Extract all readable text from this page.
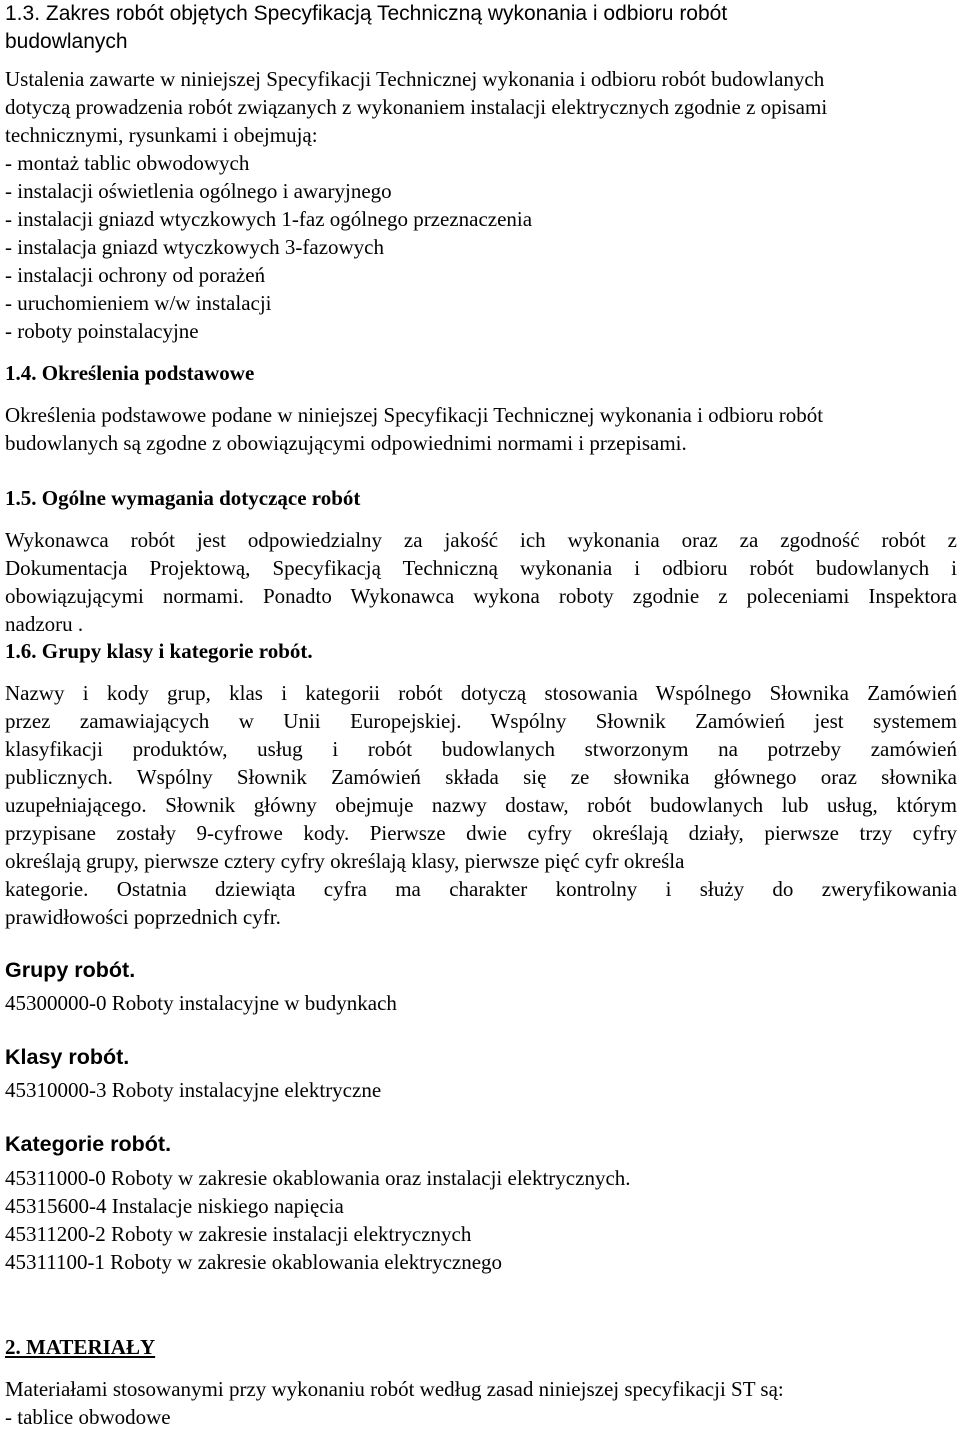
1.3. Zakres robót objętych Specyfikacją Techniczną wykonania i odbioru robót
budowlanych
Ustalenia zawarte w niniejszej Specyfikacji Technicznej wykonania i odbioru robót budowlanych
dotyczą prowadzenia robót związanych z wykonaniem instalacji elektrycznych zgodnie z opisami
technicznymi, rysunkami i obejmują:
- montaż tablic obwodowych
- instalacji oświetlenia ogólnego i awaryjnego
- instalacji gniazd wtyczkowych 1-faz ogólnego przeznaczenia
- instalacja gniazd wtyczkowych 3-fazowych
- instalacji ochrony od porażeń
- uruchomieniem w/w instalacji
- roboty poinstalacyjne
1.4. Określenia podstawowe
Określenia podstawowe podane w niniejszej Specyfikacji Technicznej wykonania i odbioru robót
budowlanych są zgodne z obowiązującymi odpowiednimi normami i przepisami.
1.5. Ogólne wymagania dotyczące robót
Wykonawca robót jest odpowiedzialny za jakość ich wykonania oraz za zgodność robót z
Dokumentacja Projektową, Specyfikacją Techniczną wykonania i odbioru robót budowlanych i
obowiązującymi normami. Ponadto Wykonawca wykona roboty zgodnie z poleceniami Inspektora
nadzoru .
1.6. Grupy klasy i kategorie robót.
Nazwy i kody grup, klas i kategorii robót dotyczą stosowania Wspólnego Słownika Zamówień
przez zamawiających w Unii Europejskiej. Wspólny Słownik Zamówień jest systemem
klasyfikacji produktów, usług i robót budowlanych stworzonym na potrzeby zamówień
publicznych. Wspólny Słownik Zamówień składa się ze słownika głównego oraz słownika
uzupełniającego. Słownik główny obejmuje nazwy dostaw, robót budowlanych lub usług, którym
przypisane zostały 9-cyfrowe kody. Pierwsze dwie cyfry określają działy, pierwsze trzy cyfry
określają grupy, pierwsze cztery cyfry określają klasy, pierwsze pięć cyfr określa
kategorie. Ostatnia dziewiąta cyfra ma charakter kontrolny i służy do zweryfikowania
prawidłowości poprzednich cyfr.
Grupy robót.
45300000-0 Roboty instalacyjne w budynkach
Klasy robót.
45310000-3 Roboty instalacyjne elektryczne
Kategorie robót.
45311000-0 Roboty w zakresie okablowania oraz instalacji elektrycznych.
45315600-4 Instalacje niskiego napięcia
45311200-2 Roboty w zakresie instalacji elektrycznych
45311100-1 Roboty w zakresie okablowania elektrycznego
2. MATERIAŁY
Materiałami stosowanymi przy wykonaniu robót według zasad niniejszej specyfikacji ST są:
- tablice obwodowe
